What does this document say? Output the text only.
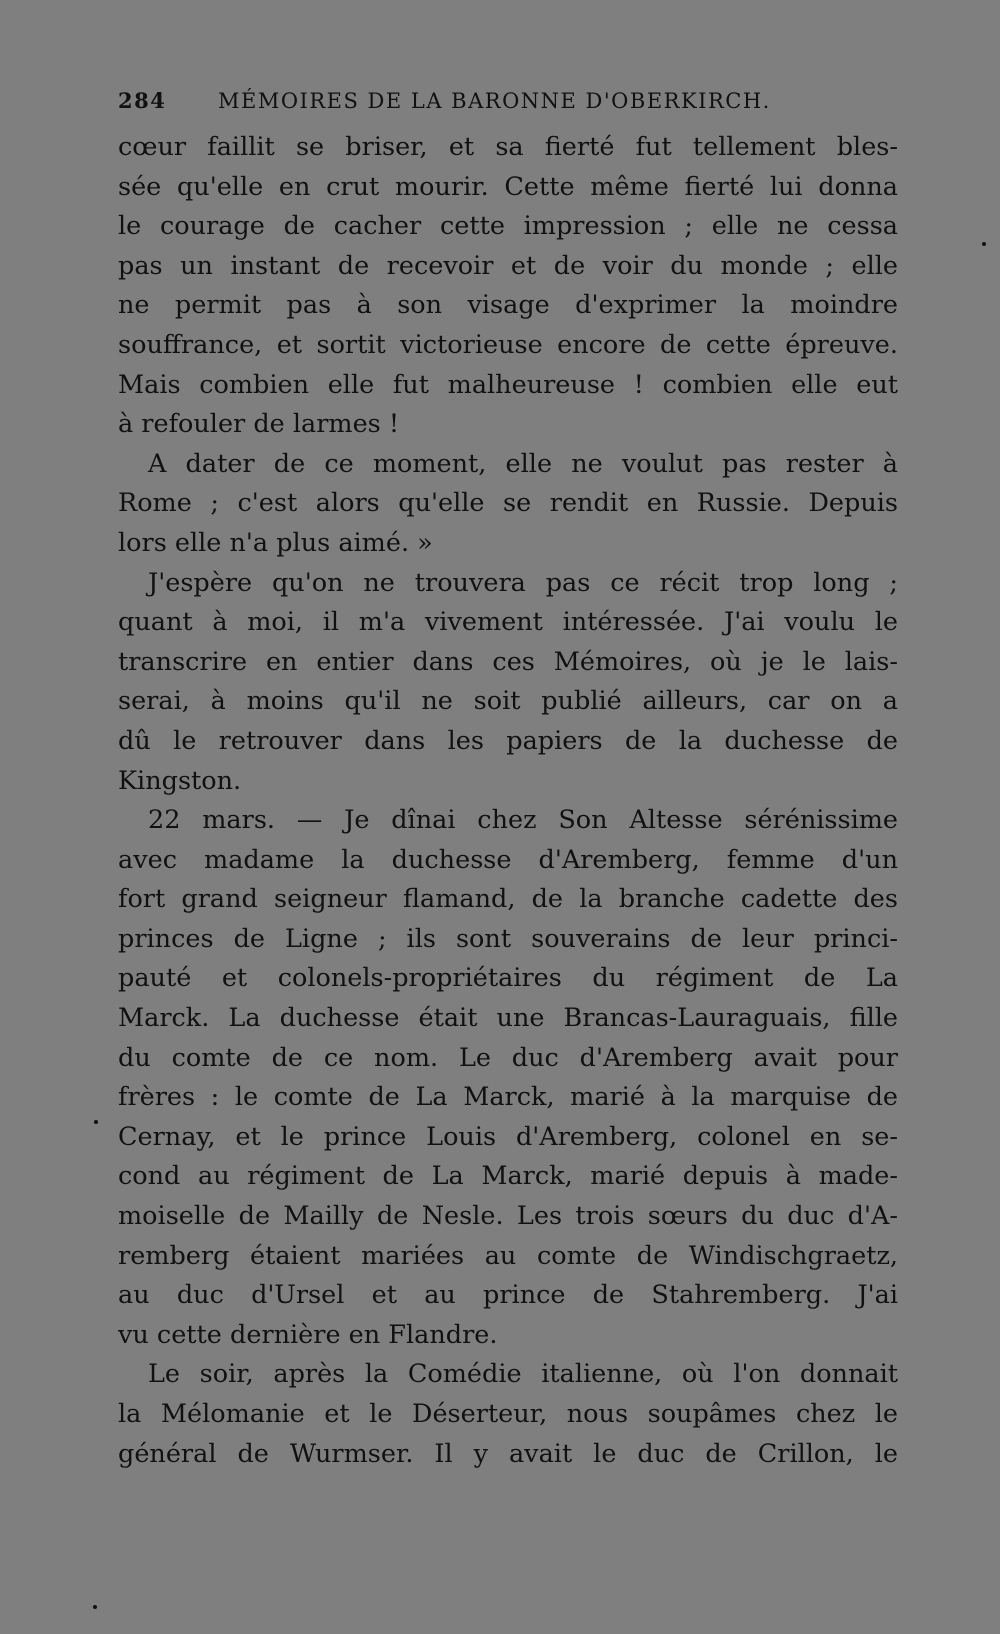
284	MÉMOIRES DE LA BARONNE D'OBERKIRCH.
cœur faillit se briser, et sa fierté fut tellement bles-
sée qu'elle en crut mourir. Cette même fierté lui donna
le courage de cacher cette impression ; elle ne cessa
pas un instant de recevoir et de voir du monde ; elle
ne permit pas à son visage d'exprimer la moindre
souffrance, et sortit victorieuse encore de cette épreuve.
Mais combien elle fut malheureuse ! combien elle eut
à refouler de larmes !
A dater de ce moment, elle ne voulut pas rester à
Rome ; c'est alors qu'elle se rendit en Russie. Depuis
lors elle n'a plus aimé. »
J'espère qu'on ne trouvera pas ce récit trop long ;
quant à moi, il m'a vivement intéressée. J'ai voulu le
transcrire en entier dans ces Mémoires, où je le lais-
serai, à moins qu'il ne soit publié ailleurs, car on a
dû le retrouver dans les papiers de la duchesse de
Kingston.
22 mars. — Je dînai chez Son Altesse sérénissime
avec madame la duchesse d'Aremberg, femme d'un
fort grand seigneur flamand, de la branche cadette des
princes de Ligne ; ils sont souverains de leur princi-
pauté et colonels-propriétaires du régiment de La
Marck. La duchesse était une Brancas-Lauraguais, fille
du comte de ce nom. Le duc d'Aremberg avait pour
frères : le comte de La Marck, marié à la marquise de
Cernay, et le prince Louis d'Aremberg, colonel en se-
cond au régiment de La Marck, marié depuis à made-
moiselle de Mailly de Nesle. Les trois sœurs du duc d'A-
remberg étaient mariées au comte de Windischgraetz,
au duc d'Ursel et au prince de Stahremberg. J'ai
vu cette dernière en Flandre.
Le soir, après la Comédie italienne, où l'on donnait
la Mélomanie et le Déserteur, nous soupâmes chez le
général de Wurmser. Il y avait le duc de Crillon, le
